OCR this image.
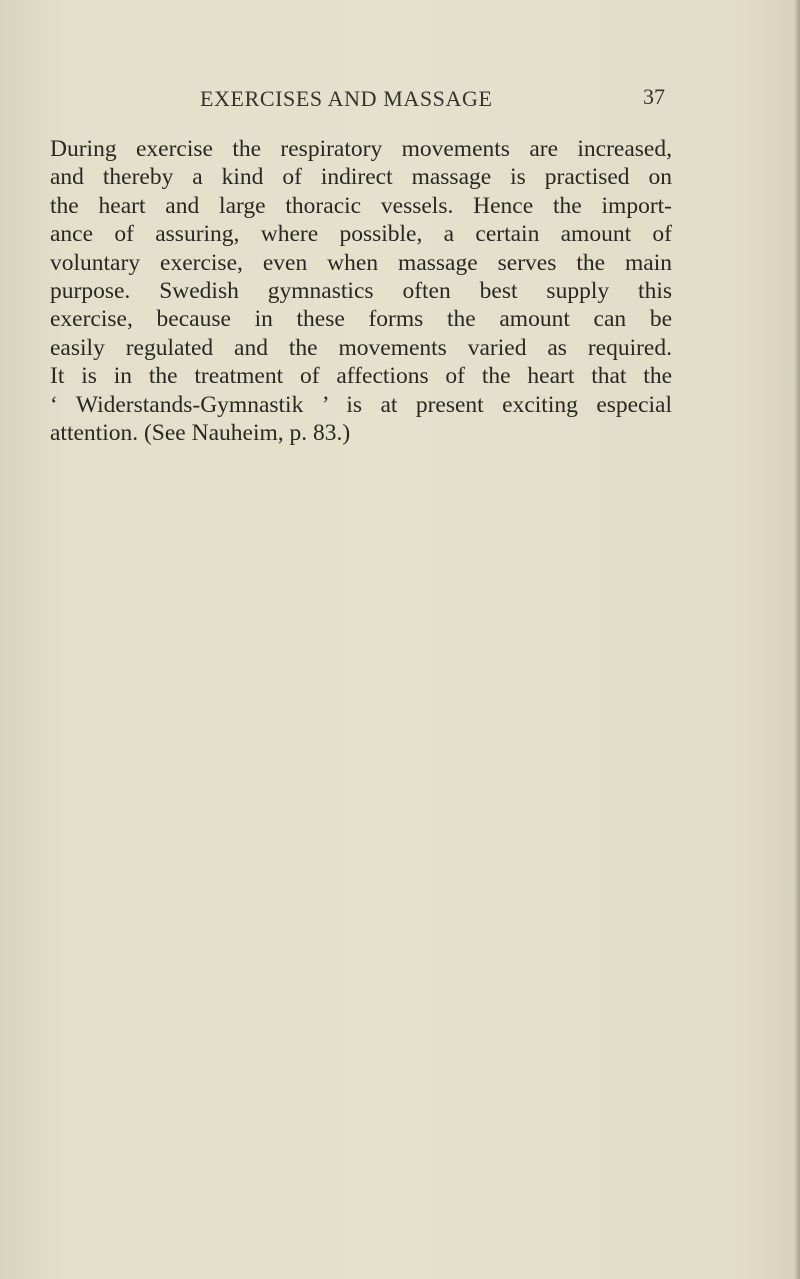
EXERCISES AND MASSAGE	37
During exercise the respiratory movements are increased,
and thereby a kind of indirect massage is practised on
the heart and large thoracic vessels. Hence the import-
ance of assuring, where possible, a certain amount of
voluntary exercise, even when massage serves the main
purpose. Swedish gymnastics often best supply this
exercise, because in these forms the amount can be
easily regulated and the movements varied as required.
It is in the treatment of affections of the heart that the
‘ Widerstands-Gymnastik ’ is at present exciting especial
attention. (See Nauheim, p. 83.)
